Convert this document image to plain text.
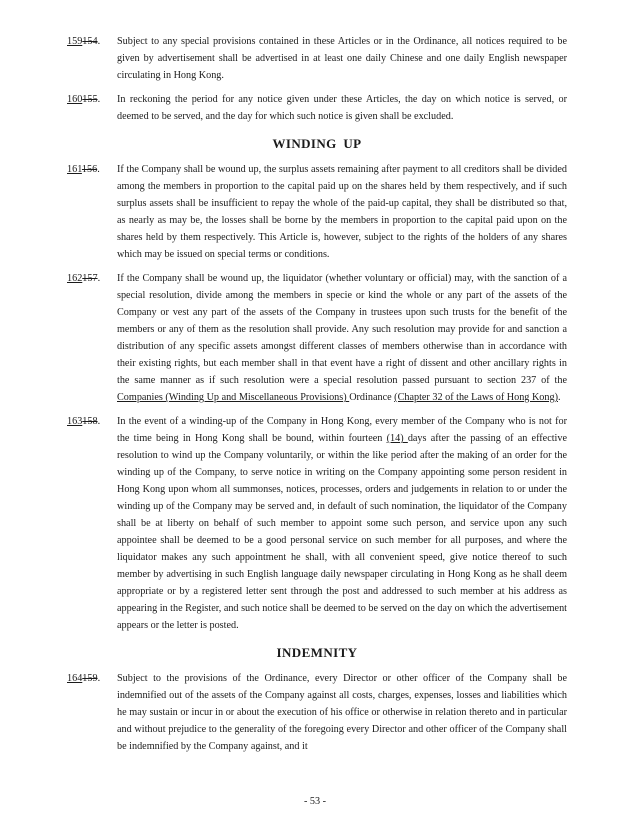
159154. Subject to any special provisions contained in these Articles or in the Ordinance, all notices required to be given by advertisement shall be advertised in at least one daily Chinese and one daily English newspaper circulating in Hong Kong.
160155. In reckoning the period for any notice given under these Articles, the day on which notice is served, or deemed to be served, and the day for which such notice is given shall be excluded.
WINDING UP
161156. If the Company shall be wound up, the surplus assets remaining after payment to all creditors shall be divided among the members in proportion to the capital paid up on the shares held by them respectively, and if such surplus assets shall be insufficient to repay the whole of the paid-up capital, they shall be distributed so that, as nearly as may be, the losses shall be borne by the members in proportion to the capital paid upon on the shares held by them respectively. This Article is, however, subject to the rights of the holders of any shares which may be issued on special terms or conditions.
162157. If the Company shall be wound up, the liquidator (whether voluntary or official) may, with the sanction of a special resolution, divide among the members in specie or kind the whole or any part of the assets of the Company or vest any part of the assets of the Company in trustees upon such trusts for the benefit of the members or any of them as the resolution shall provide. Any such resolution may provide for and sanction a distribution of any specific assets amongst different classes of members otherwise than in accordance with their existing rights, but each member shall in that event have a right of dissent and other ancillary rights in the same manner as if such resolution were a special resolution passed pursuant to section 237 of the Companies (Winding Up and Miscellaneous Provisions) Ordinance (Chapter 32 of the Laws of Hong Kong).
163158. In the event of a winding-up of the Company in Hong Kong, every member of the Company who is not for the time being in Hong Kong shall be bound, within fourteen (14) days after the passing of an effective resolution to wind up the Company voluntarily, or within the like period after the making of an order for the winding up of the Company, to serve notice in writing on the Company appointing some person resident in Hong Kong upon whom all summonses, notices, processes, orders and judgements in relation to or under the winding up of the Company may be served and, in default of such nomination, the liquidator of the Company shall be at liberty on behalf of such member to appoint some such person, and service upon any such appointee shall be deemed to be a good personal service on such member for all purposes, and where the liquidator makes any such appointment he shall, with all convenient speed, give notice thereof to such member by advertising in such English language daily newspaper circulating in Hong Kong as he shall deem appropriate or by a registered letter sent through the post and addressed to such member at his address as appearing in the Register, and such notice shall be deemed to be served on the day on which the advertisement appears or the letter is posted.
INDEMNITY
164159. Subject to the provisions of the Ordinance, every Director or other officer of the Company shall be indemnified out of the assets of the Company against all costs, charges, expenses, losses and liabilities which he may sustain or incur in or about the execution of his office or otherwise in relation thereto and in particular and without prejudice to the generality of the foregoing every Director and other officer of the Company shall be indemnified by the Company against, and it
- 53 -
